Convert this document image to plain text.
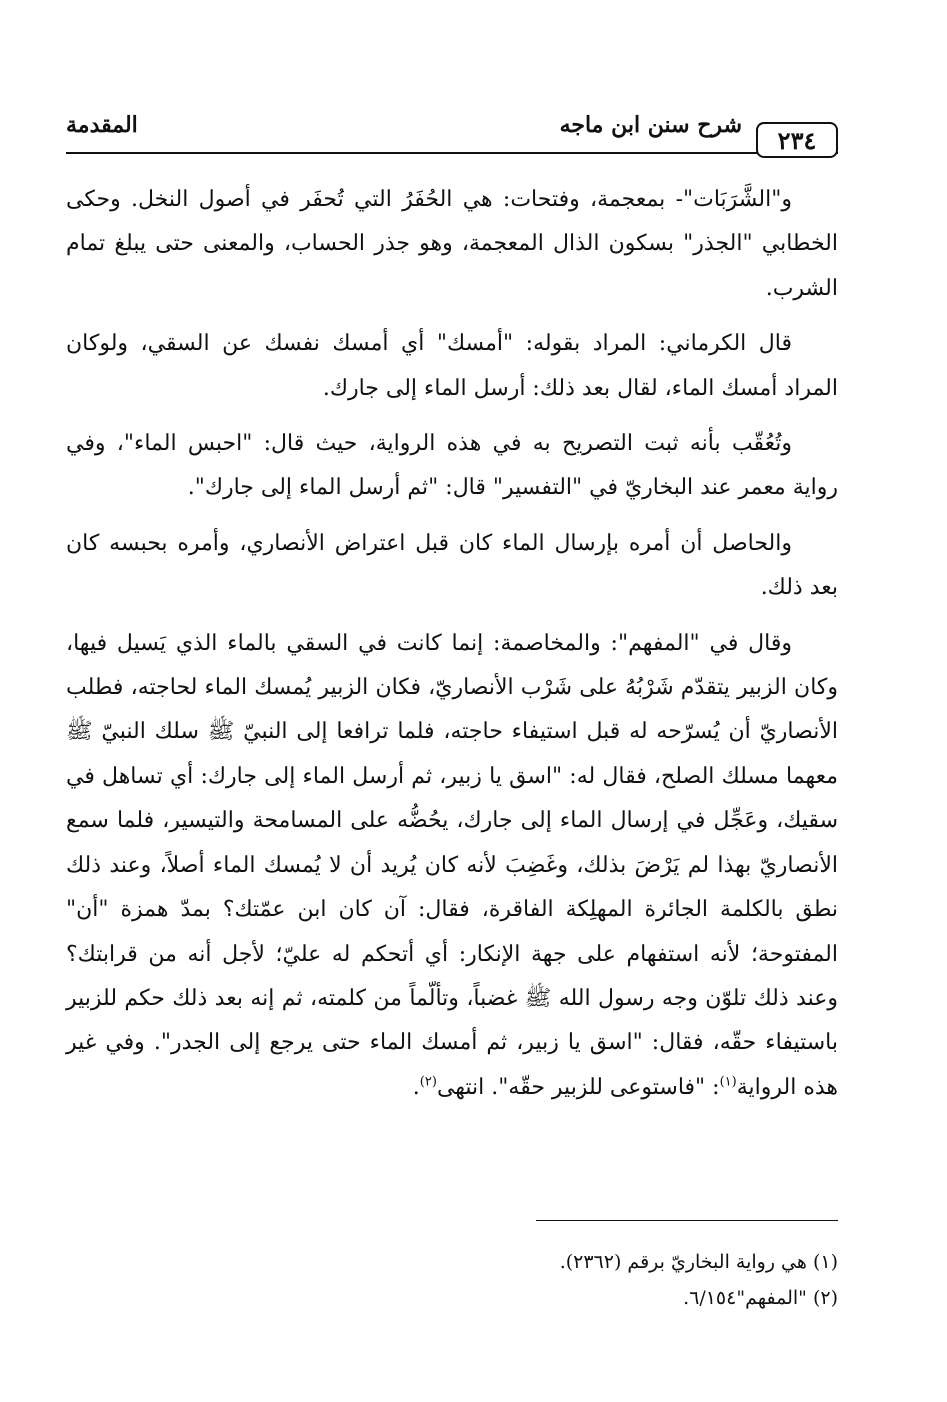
٢٣٤
شرح سنن ابن ماجه
المقدمة

و"الشَّرَبَات"- بمعجمة، وفتحات: هي الحُفَرُ التي تُحفَر في أصول النخل. وحكى الخطابي "الجذر" بسكون الذال المعجمة، وهو جذر الحساب، والمعنى حتى يبلغ تمام الشرب.

قال الكرماني: المراد بقوله: "أمسك" أي أمسك نفسك عن السقي، ولوكان المراد أمسك الماء، لقال بعد ذلك: أرسل الماء إلى جارك.

وتُعُقّب بأنه ثبت التصريح به في هذه الرواية، حيث قال: "احبس الماء"، وفي رواية معمر عند البخاريّ في "التفسير" قال: "ثم أرسل الماء إلى جارك".

والحاصل أن أمره بإرسال الماء كان قبل اعتراض الأنصاري، وأمره بحبسه كان بعد ذلك.

وقال في "المفهم": والمخاصمة: إنما كانت في السقي بالماء الذي يَسيل فيها، وكان الزبير يتقدّم شَرْبُهُ على شَرْب الأنصاريّ، فكان الزبير يُمسك الماء لحاجته، فطلب الأنصاريّ أن يُسرّحه له قبل استيفاء حاجته، فلما ترافعا إلى النبيّ ﷺ سلك النبيّ ﷺ معهما مسلك الصلح، فقال له: "اسق يا زبير، ثم أرسل الماء إلى جارك: أي تساهل في سقيك، وعَجِّل في إرسال الماء إلى جارك، يحُضُّه على المسامحة والتيسير، فلما سمع الأنصاريّ بهذا لم يَرْضَ بذلك، وغَضِبَ لأنه كان يُريد أن لا يُمسك الماء أصلاً، وعند ذلك نطق بالكلمة الجائرة المهلِكة الفاقرة، فقال: آن كان ابن عمّتك؟ بمدّ همزة "أن" المفتوحة؛ لأنه استفهام على جهة الإنكار: أي أتحكم له عليّ؛ لأجل أنه من قرابتك؟ وعند ذلك تلوّن وجه رسول الله ﷺ غضباً، وتألّماً من كلمته، ثم إنه بعد ذلك حكم للزبير باستيفاء حقّه، فقال: "اسق يا زبير، ثم أمسك الماء حتى يرجع إلى الجدر". وفي غير هذه الرواية$^{(١)}$: "فاستوعى للزبير حقّه". انتهى$^{(٢)}$.

(١) هي رواية البخاريّ برقم (٢٣٦٢).
(٢) "المفهم"٦/١٥٤.
